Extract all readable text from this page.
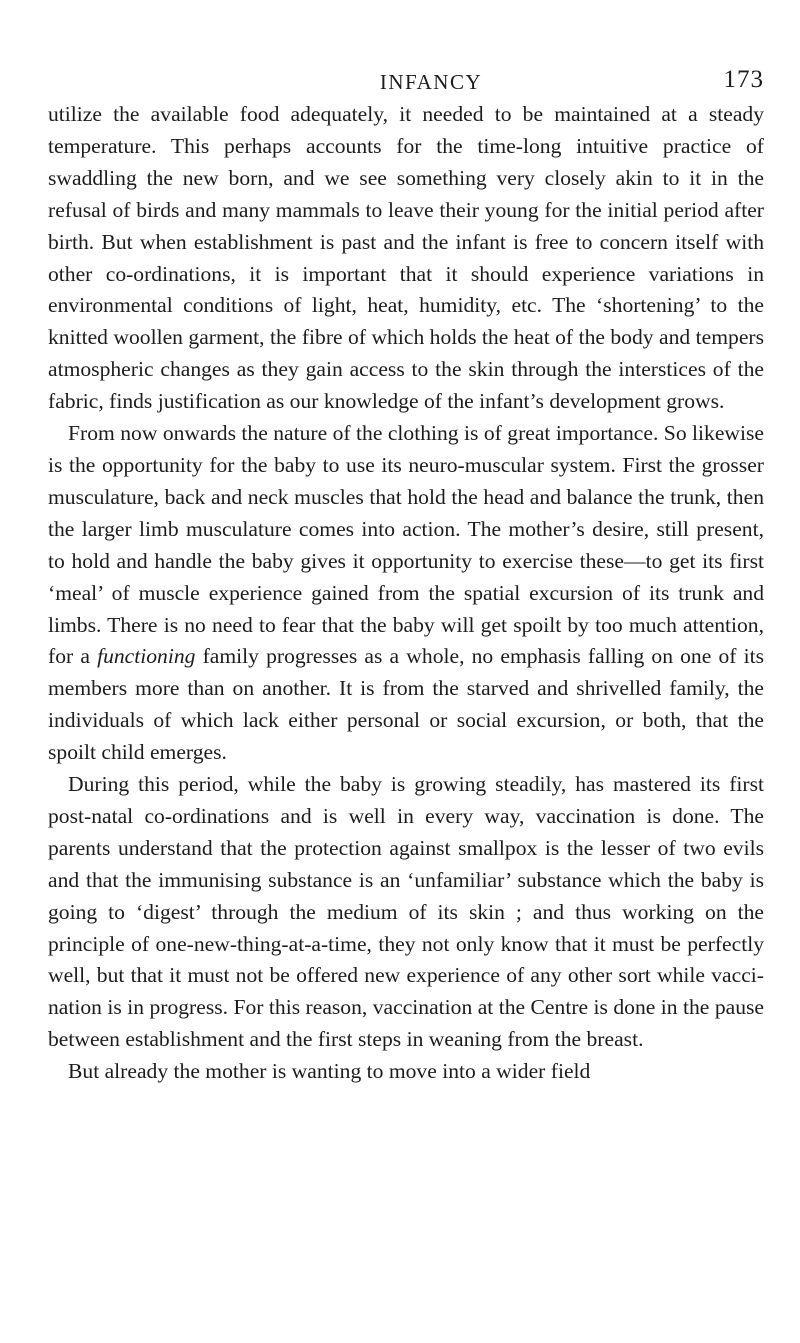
INFANCY	173

utilize the available food adequately, it needed to be maintained at a steady temperature. This perhaps accounts for the time-long intuitive practice of swaddling the new born, and we see something very closely akin to it in the refusal of birds and many mammals to leave their young for the initial period after birth. But when establishment is past and the infant is free to concern itself with other co-ordinations, it is important that it should experience variations in environmental conditions of light, heat, humidity, etc. The ‘shortening’ to the knitted woollen garment, the fibre of which holds the heat of the body and tempers atmospheric changes as they gain access to the skin through the interstices of the fabric, finds justification as our knowledge of the infant’s development grows.

From now onwards the nature of the clothing is of great importance. So likewise is the opportunity for the baby to use its neuro-muscular system. First the grosser musculature, back and neck muscles that hold the head and balance the trunk, then the larger limb musculature comes into action. The mother’s desire, still present, to hold and handle the baby gives it opportunity to exercise these—to get its first ‘meal’ of muscle experience gained from the spatial excursion of its trunk and limbs. There is no need to fear that the baby will get spoilt by too much attention, for a functioning family progresses as a whole, no emphasis falling on one of its members more than on another. It is from the starved and shrivelled family, the individuals of which lack either personal or social excursion, or both, that the spoilt child emerges.

During this period, while the baby is growing steadily, has mastered its first post-natal co-ordinations and is well in every way, vaccination is done. The parents understand that the protection against smallpox is the lesser of two evils and that the immunising substance is an ‘unfamiliar’ substance which the baby is going to ‘digest’ through the medium of its skin ; and thus working on the principle of one-new-thing-at-a-time, they not only know that it must be perfectly well, but that it must not be offered new experience of any other sort while vaccination is in progress. For this reason, vaccination at the Centre is done in the pause between establishment and the first steps in weaning from the breast.

But already the mother is wanting to move into a wider field
